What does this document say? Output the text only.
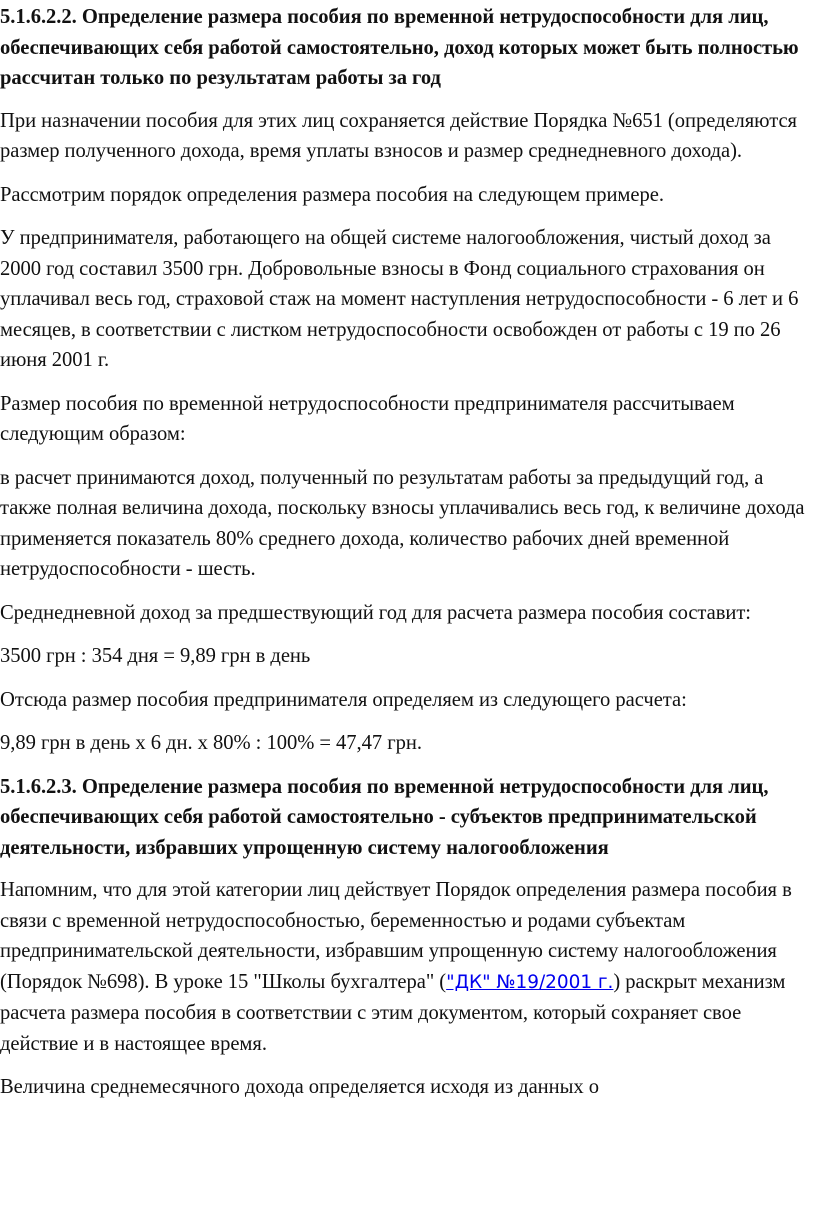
5.1.6.2.2. Определение размера пособия по временной нетрудоспособности для лиц, обеспечивающих себя работой самостоятельно, доход которых может быть полностью рассчитан только по результатам работы за год

При назначении пособия для этих лиц сохраняется действие Порядка №651 (определяются размер полученного дохода, время уплаты взносов и размер среднедневного дохода).

Рассмотрим порядок определения размера пособия на следующем примере.

У предпринимателя, работающего на общей системе налогообложения, чистый доход за 2000 год составил 3500 грн. Добровольные взносы в Фонд социального страхования он уплачивал весь год, страховой стаж на момент наступления нетрудоспособности - 6 лет и 6 месяцев, в соответствии с листком нетрудоспособности освобожден от работы с 19 по 26 июня 2001 г.

Размер пособия по временной нетрудоспособности предпринимателя рассчитываем следующим образом:

в расчет принимаются доход, полученный по результатам работы за предыдущий год, а также полная величина дохода, поскольку взносы уплачивались весь год, к величине дохода применяется показатель 80% среднего дохода, количество рабочих дней временной нетрудоспособности - шесть.

Среднедневной доход за предшествующий год для расчета размера пособия составит:

3500 грн : 354 дня = 9,89 грн в день

Отсюда размер пособия предпринимателя определяем из следующего расчета:

9,89 грн в день х 6 дн. х 80% : 100% = 47,47 грн.

5.1.6.2.3. Определение размера пособия по временной нетрудоспособности для лиц, обеспечивающих себя работой самостоятельно - субъектов предпринимательской деятельности, избравших упрощенную систему налогообложения

Напомним, что для этой категории лиц действует Порядок определения размера пособия в связи с временной нетрудоспособностью, беременностью и родами субъектам предпринимательской деятельности, избравшим упрощенную систему налогообложения (Порядок №698). В уроке 15 "Школы бухгалтера" ("ДК" №19/2001 г.) раскрыт механизм расчета размера пособия в соответствии с этим документом, который сохраняет свое действие и в настоящее время.

Величина среднемесячного дохода определяется исходя из данных о
